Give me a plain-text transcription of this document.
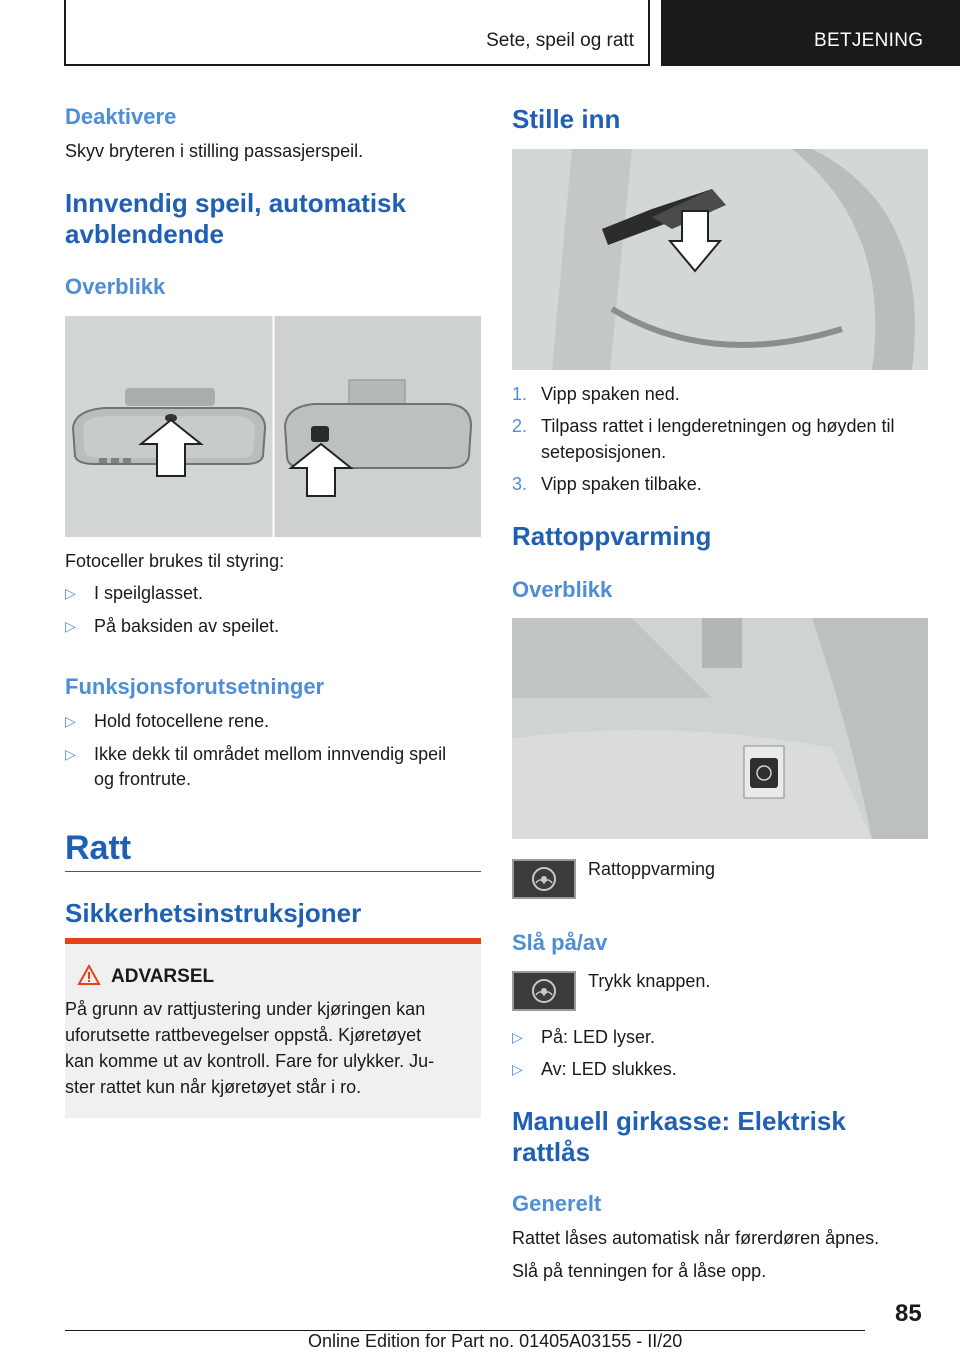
Sete, speil og ratt	BETJENING
Deaktivere
Skyv bryteren i stilling passasjerspeil.
Innvendig speil, automatisk
avblendende
Overblikk
Fotoceller brukes til styring:
▷ I speilglasset.
▷ På baksiden av speilet.
Funksjonsforutsetninger
▷ Hold fotocellene rene.
▷ Ikke dekk til området mellom innvendig speil
og frontrute.
Ratt
Sikkerhetsinstruksjoner
ADVARSEL
På grunn av rattjustering under kjøringen kan
uforutsette rattbevegelser oppstå. Kjøretøyet
kan komme ut av kontroll. Fare for ulykker. Ju-
ster rattet kun når kjøretøyet står i ro.
Stille inn
1. Vipp spaken ned.
2. Tilpass rattet i lengderetningen og høyden til
seteposisjonen.
3. Vipp spaken tilbake.
Rattoppvarming
Overblikk
Rattoppvarming
Slå på/av
Trykk knappen.
▷ På: LED lyser.
▷ Av: LED slukkes.
Manuell girkasse: Elektrisk
rattlås
Generelt
Rattet låses automatisk når førerdøren åpnes.
Slå på tenningen for å låse opp.
85
Online Edition for Part no. 01405A03155 - II/20
